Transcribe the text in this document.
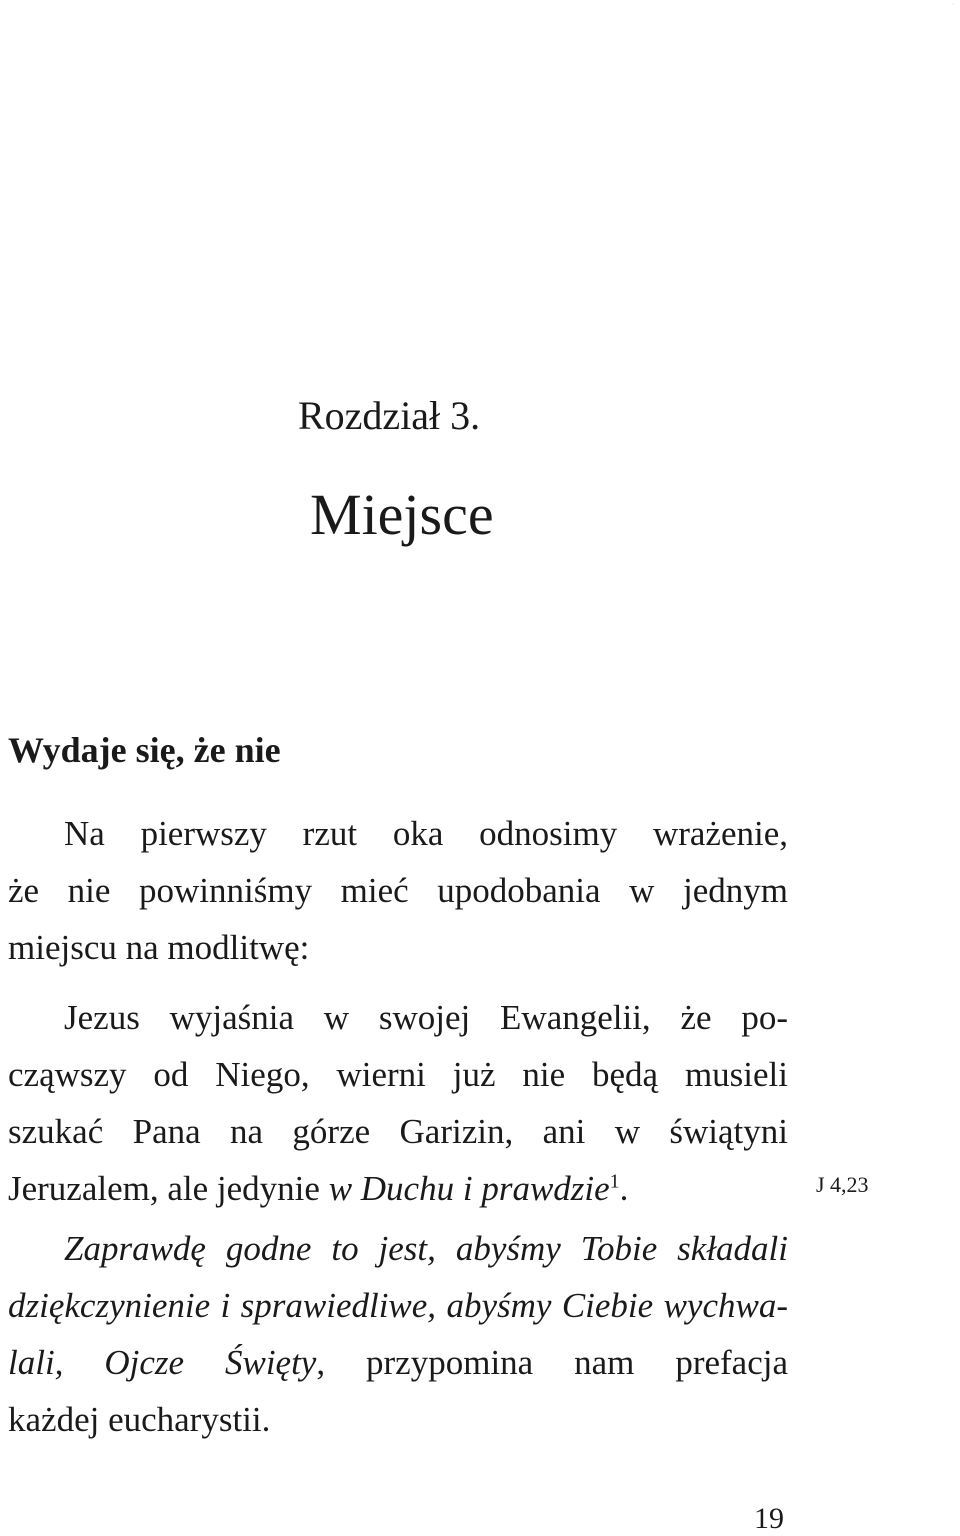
·
Rozdział 3.
Miejsce
Wydaje się, że nie
Na pierwszy rzut oka odnosimy wrażenie,
że nie powinniśmy mieć upodobania w jednym
miejscu na modlitwę:
Jezus wyjaśnia w swojej Ewangelii, że po-
cząwszy od Niego, wierni już nie będą musieli
szukać Pana na górze Garizin, ani w świątyni
Jeruzalem, ale jedynie w Duchu i prawdzie$^1$.	J 4,23
Zaprawdę godne to jest, abyśmy Tobie składali
dziękczynienie i sprawiedliwe, abyśmy Ciebie wychwa-
lali, Ojcze Święty, przypomina nam prefacja
każdej eucharystii.
19
